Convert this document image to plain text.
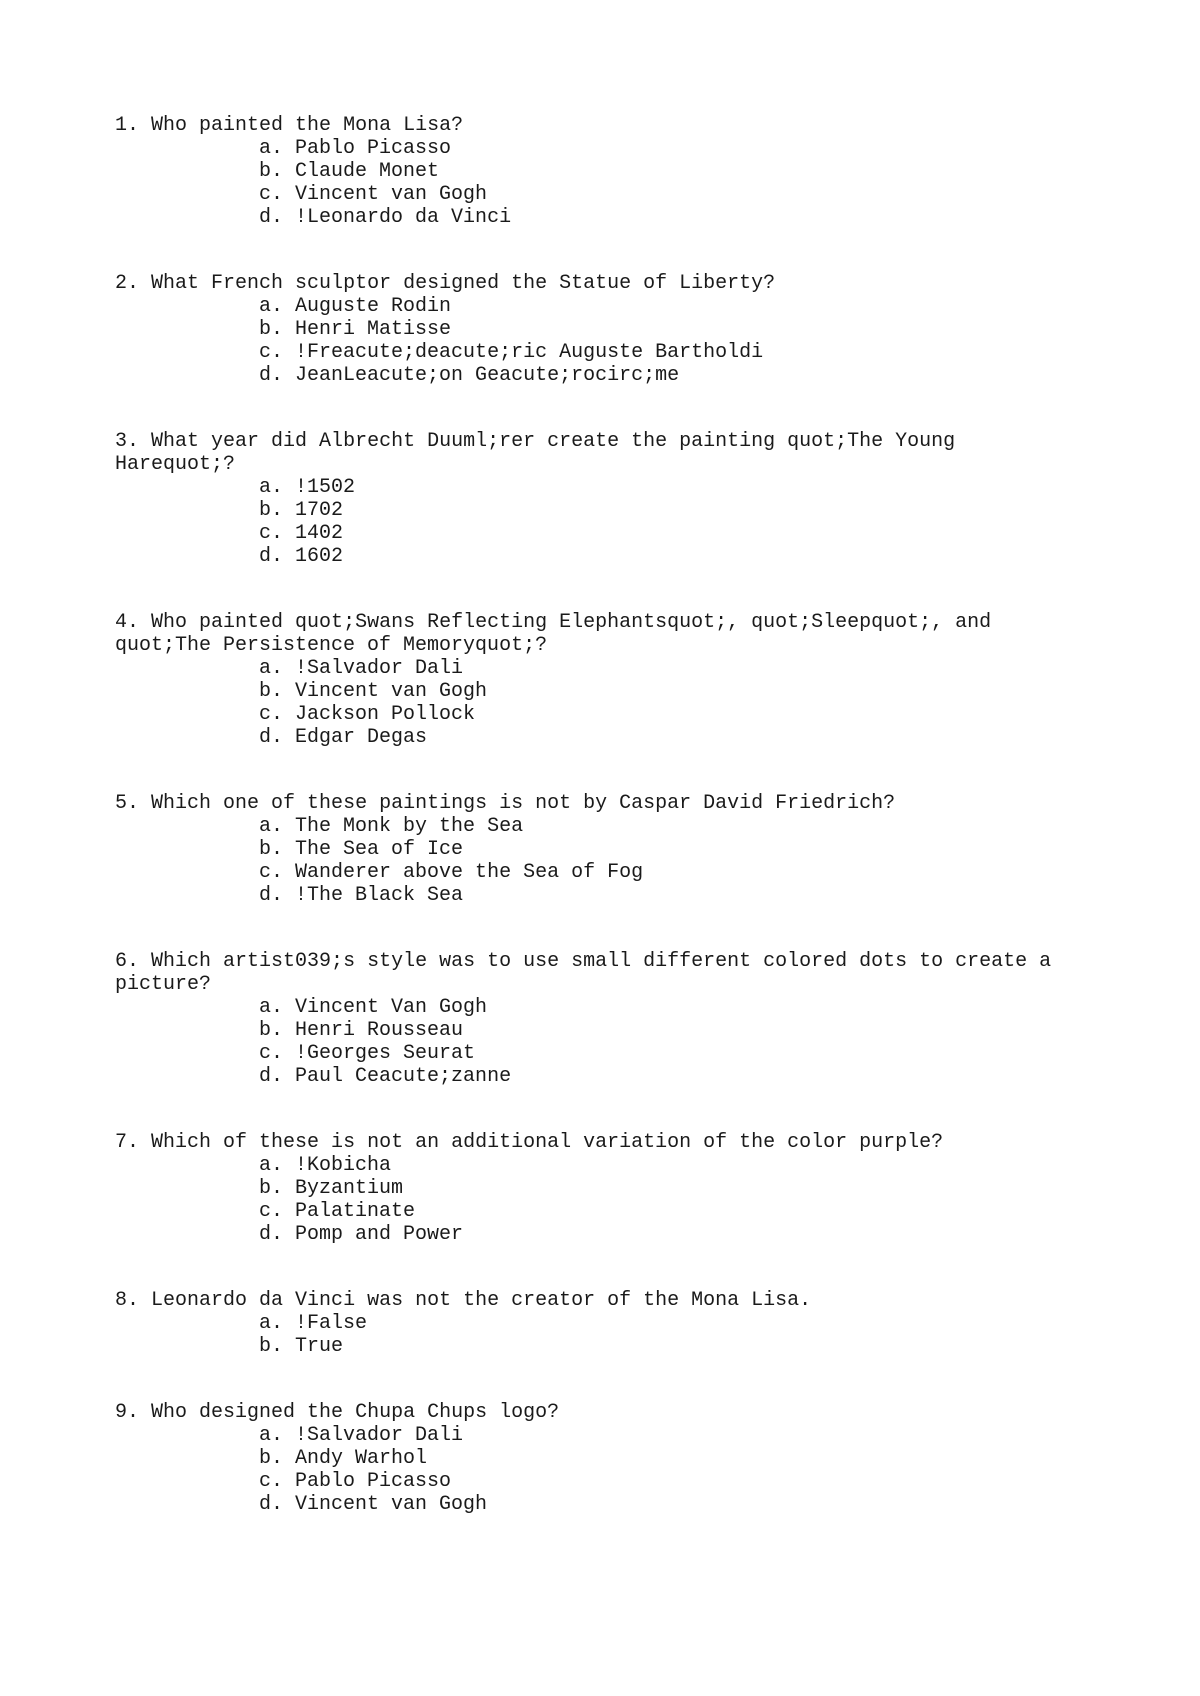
1. Who painted the Mona Lisa?

a. Pablo Picasso
b. Claude Monet
c. Vincent van Gogh
d. !Leonardo da Vinci

2. What French sculptor designed the Statue of Liberty?

a. Auguste Rodin
b. Henri Matisse
c. !Freacute;deacute;ric Auguste Bartholdi
d. JeanLeacute;on Geacute;rocirc;me

3. What year did Albrecht Duuml;rer create the painting quot;The Young Harequot;?

a. !1502
b. 1702
c. 1402
d. 1602

4. Who painted quot;Swans Reflecting Elephantsquot;, quot;Sleepquot;, and quot;The Persistence of Memoryquot;?

a. !Salvador Dali
b. Vincent van Gogh
c. Jackson Pollock
d. Edgar Degas

5. Which one of these paintings is not by Caspar David Friedrich?

a. The Monk by the Sea
b. The Sea of Ice
c. Wanderer above the Sea of Fog
d. !The Black Sea

6. Which artist039;s style was to use small different colored dots to create a picture?

a. Vincent Van Gogh
b. Henri Rousseau
c. !Georges Seurat
d. Paul Ceacute;zanne

7. Which of these is not an additional variation of the color purple?

a. !Kobicha
b. Byzantium
c. Palatinate
d. Pomp and Power

8. Leonardo da Vinci was not the creator of the Mona Lisa.

a. !False
b. True

9. Who designed the Chupa Chups logo?

a. !Salvador Dali
b. Andy Warhol
c. Pablo Picasso
d. Vincent van Gogh
